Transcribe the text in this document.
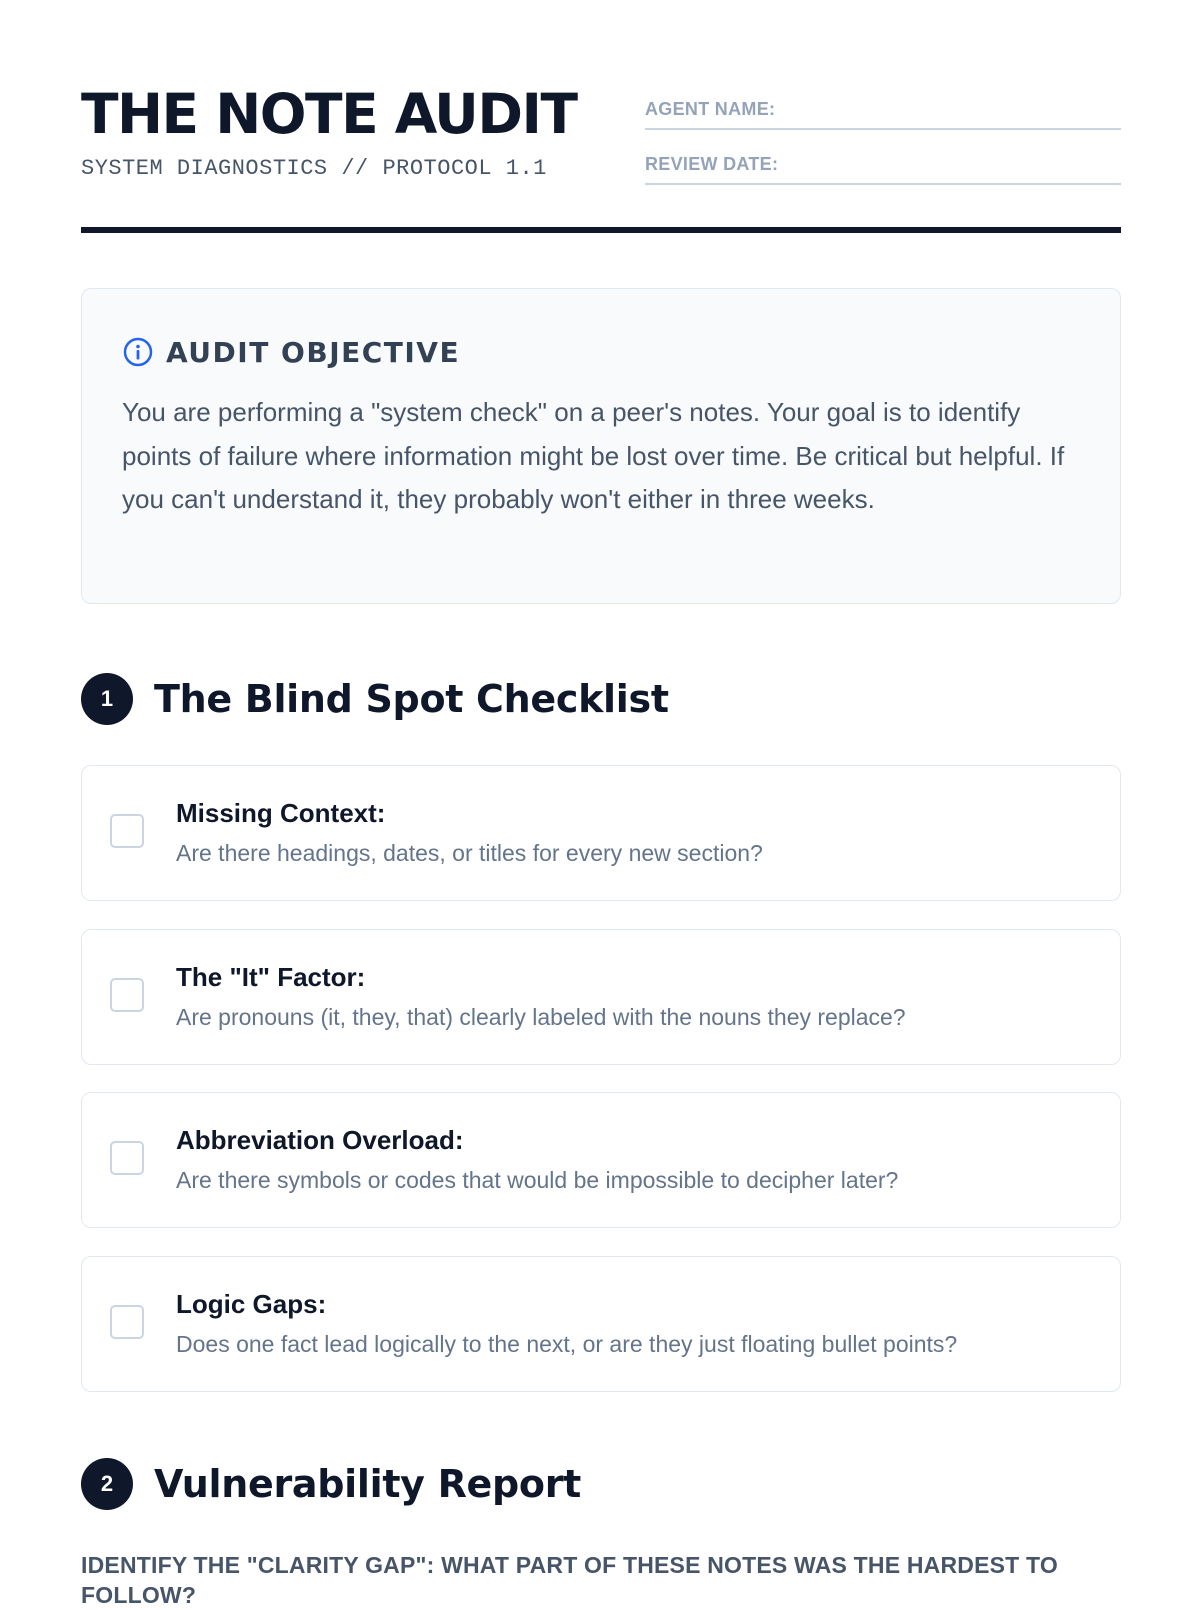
THE NOTE AUDIT
SYSTEM DIAGNOSTICS // PROTOCOL 1.1
AGENT NAME:
REVIEW DATE:
AUDIT OBJECTIVE
You are performing a "system check" on a peer's notes. Your goal is to identify points of failure where information might be lost over time. Be critical but helpful. If you can't understand it, they probably won't either in three weeks.
1	The Blind Spot Checklist
Missing Context:
Are there headings, dates, or titles for every new section?
The "It" Factor:
Are pronouns (it, they, that) clearly labeled with the nouns they replace?
Abbreviation Overload:
Are there symbols or codes that would be impossible to decipher later?
Logic Gaps:
Does one fact lead logically to the next, or are they just floating bullet points?
2	Vulnerability Report
IDENTIFY THE "CLARITY GAP": WHAT PART OF THESE NOTES WAS THE HARDEST TO FOLLOW?
